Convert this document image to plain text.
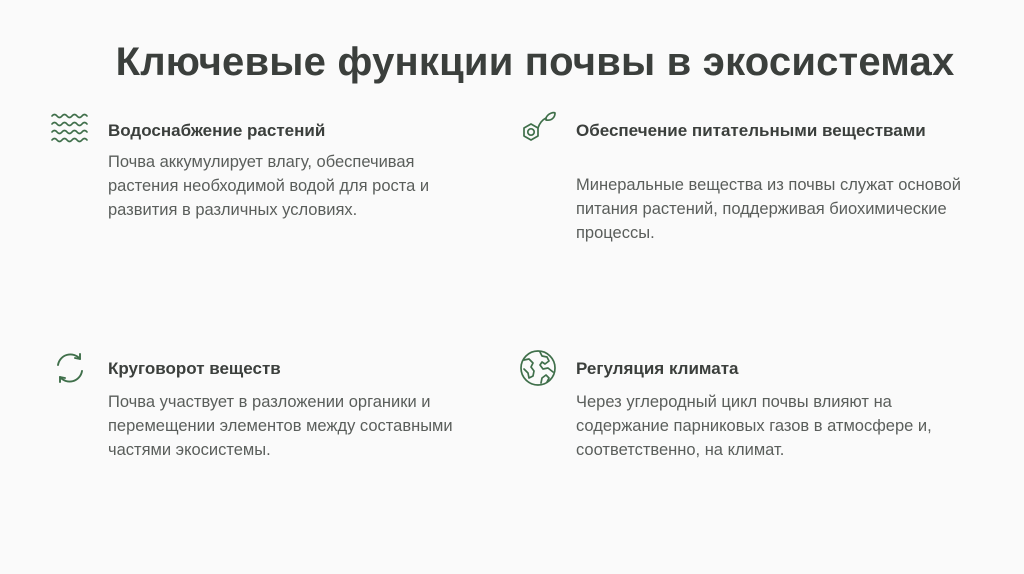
Ключевые функции почвы в экосистемах
Водоснабжение растений
Почва аккумулирует влагу, обеспечивая растения необходимой водой для роста и развития в различных условиях.
Обеспечение питательными веществами
Минеральные вещества из почвы служат основой питания растений, поддерживая биохимические процессы.
Круговорот веществ
Почва участвует в разложении органики и перемещении элементов между составными частями экосистемы.
Регуляция климата
Через углеродный цикл почвы влияют на содержание парниковых газов в атмосфере и, соответственно, на климат.
